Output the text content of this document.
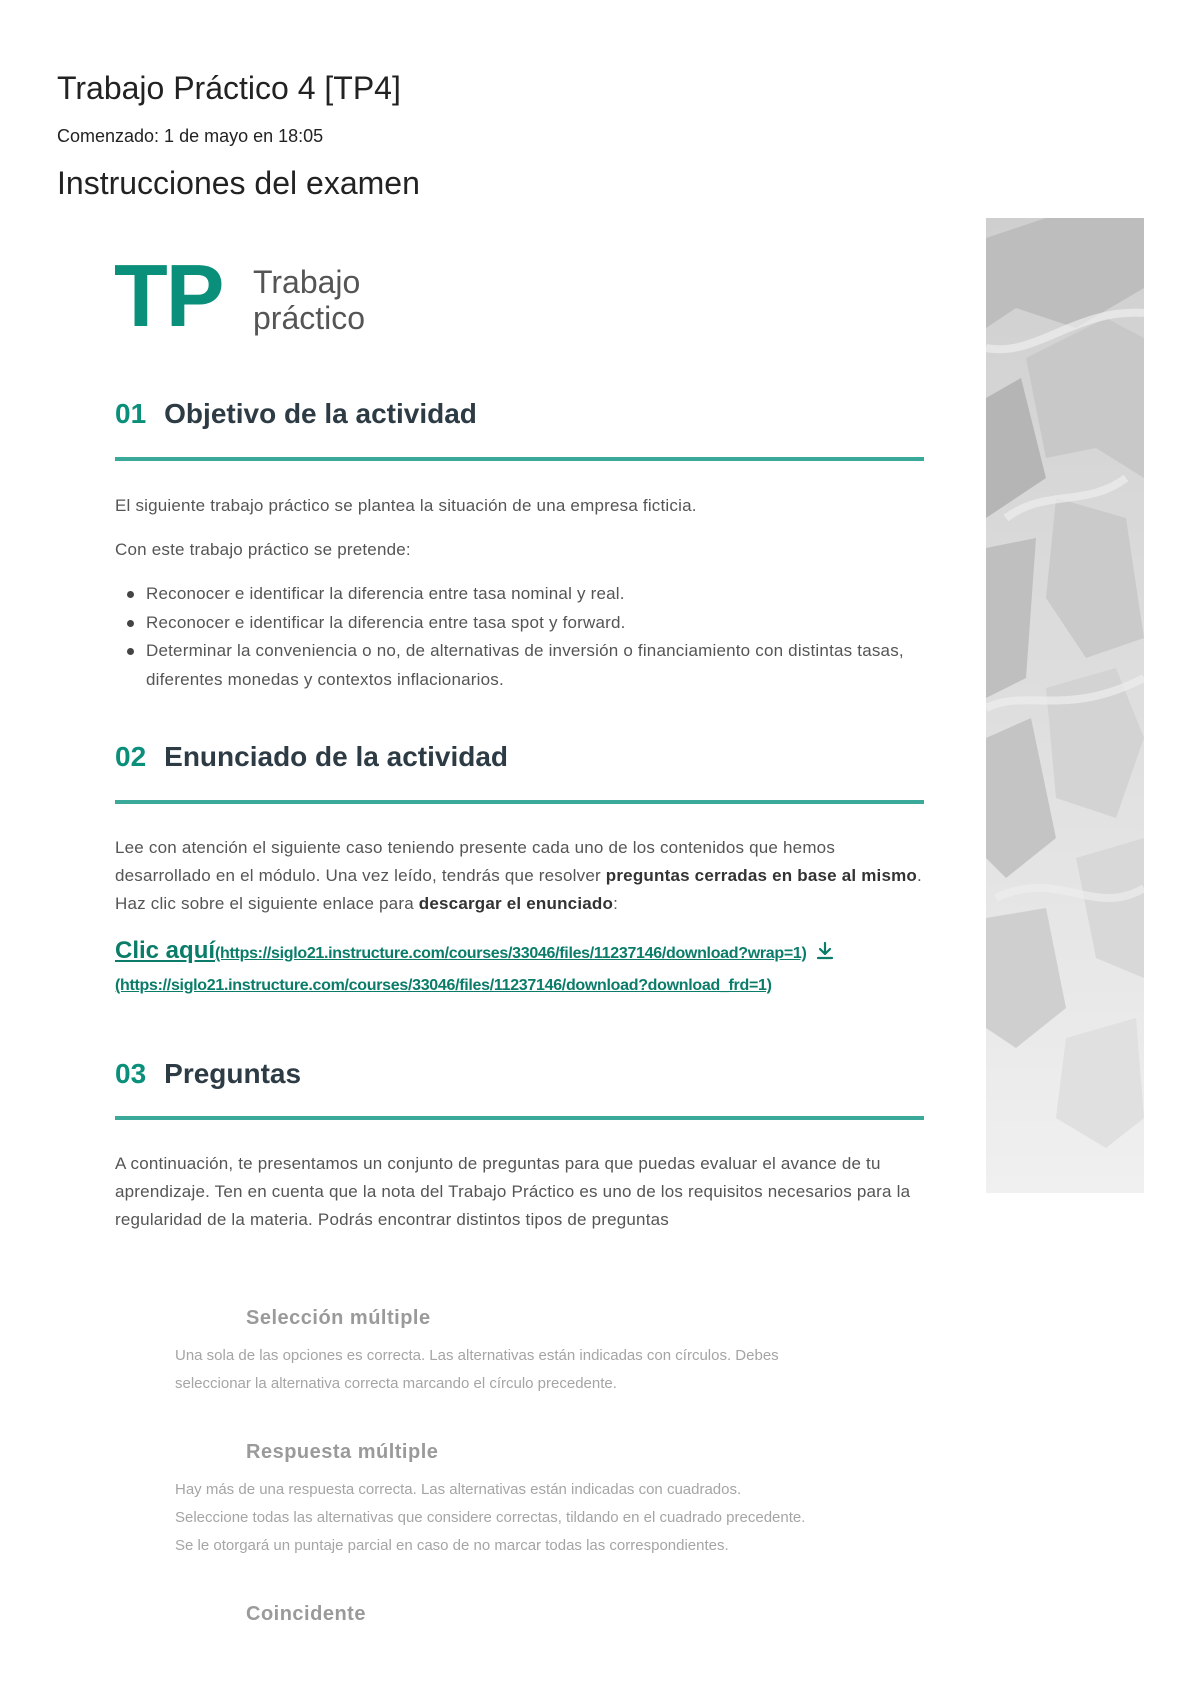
Trabajo Práctico 4 [TP4]
Comenzado: 1 de mayo en 18:05
Instrucciones del examen
TP Trabajo
práctico
01 Objetivo de la actividad
El siguiente trabajo práctico se plantea la situación de una empresa ficticia.
Con este trabajo práctico se pretende:
Reconocer e identificar la diferencia entre tasa nominal y real.
Reconocer e identificar la diferencia entre tasa spot y forward.
Determinar la conveniencia o no, de alternativas de inversión o financiamiento con distintas tasas, diferentes monedas y contextos inflacionarios.
02 Enunciado de la actividad
Lee con atención el siguiente caso teniendo presente cada uno de los contenidos que hemos desarrollado en el módulo. Una vez leído, tendrás que resolver preguntas cerradas en base al mismo. Haz clic sobre el siguiente enlace para descargar el enunciado:
Clic aquí(https://siglo21.instructure.com/courses/33046/files/11237146/download?wrap=1)
(https://siglo21.instructure.com/courses/33046/files/11237146/download?download_frd=1)
03 Preguntas
A continuación, te presentamos un conjunto de preguntas para que puedas evaluar el avance de tu aprendizaje. Ten en cuenta que la nota del Trabajo Práctico es uno de los requisitos necesarios para la regularidad de la materia. Podrás encontrar distintos tipos de preguntas
Selección múltiple
Una sola de las opciones es correcta. Las alternativas están indicadas con círculos. Debes
seleccionar la alternativa correcta marcando el círculo precedente.
Respuesta múltiple
Hay más de una respuesta correcta. Las alternativas están indicadas con cuadrados.
Seleccione todas las alternativas que considere correctas, tildando en el cuadrado precedente.
Se le otorgará un puntaje parcial en caso de no marcar todas las correspondientes.
Coincidente
